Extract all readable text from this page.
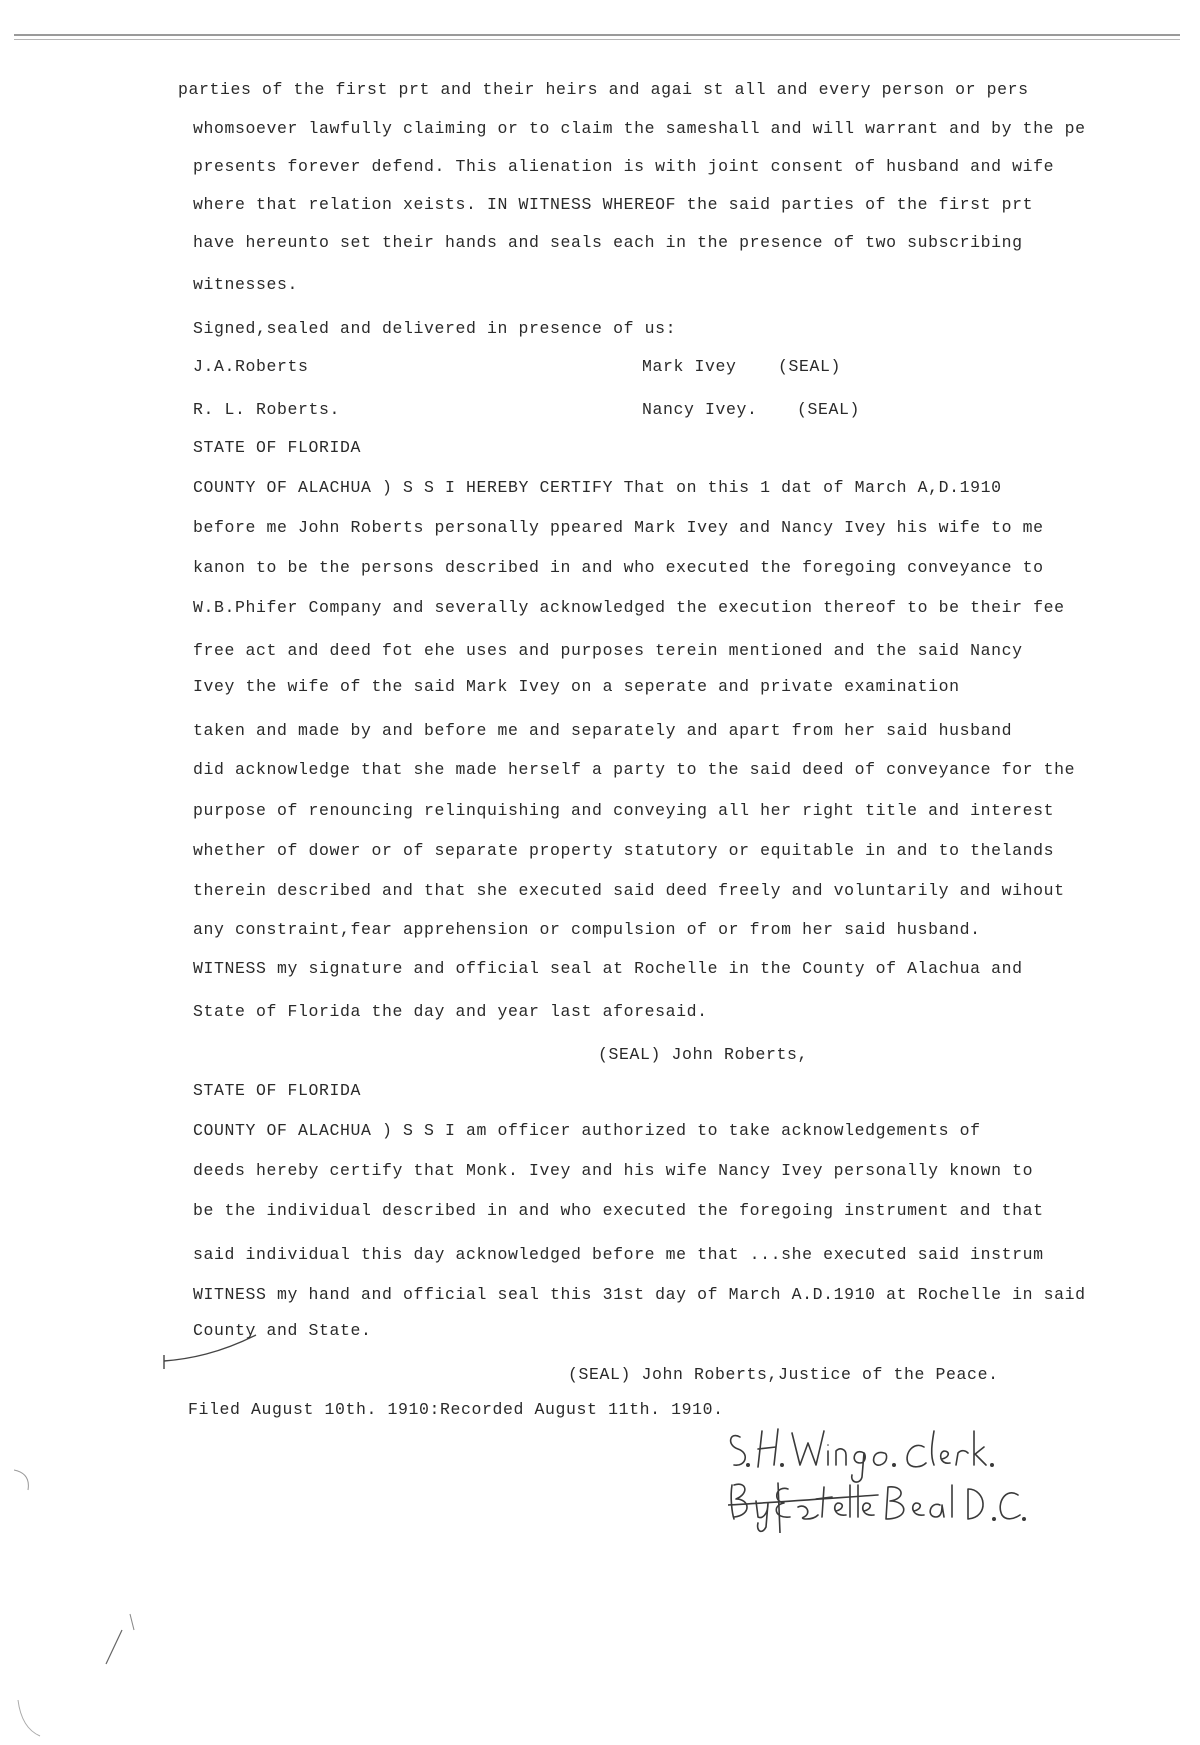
parties of the first prt and their heirs and agai st all and every person or pers
whomsoever lawfully claiming or to claim the sameshall and will warrant and by the pe
presents forever defend. This alienation is with joint consent of husband and wife
where that relation xeists. IN WITNESS WHEREOF the said parties of the first prt
have hereunto set their hands and seals each in the presence of two subscribing
witnesses.
Signed,sealed and delivered in presence of us:
J.A.Roberts	Mark Ivey	(SEAL)
R. L. Roberts.	Nancy Ivey. (SEAL)
STATE OF FLORIDA
COUNTY OF ALACHUA ) S S I HEREBY CERTIFY That on this 1 dat of March A,D.1910
before me John Roberts personally ppeared Mark Ivey and Nancy Ivey his wife to me
kanon to be the persons described in and who executed the foregoing conveyance to
W.B.Phifer Company and severally acknowledged the execution thereof to be their fee
free act and deed fot ehe uses and purposes terein mentioned and the said Nancy
Ivey the wife of the said Mark Ivey on a seperate and private examination
taken and made by and before me and separately and apart from her said husband
did acknowledge that she made herself a party to the said deed of conveyance for the
purpose of renouncing relinquishing and conveying all her right title and interest
whether of dower or of separate property statutory or equitable in and to thelands
therein described and that she executed said deed freely and voluntarily and wihout
any constraint,fear apprehension or compulsion of or from her said husband.
WITNESS my signature and official seal at Rochelle in the County of Alachua and
State of Florida the day and year last aforesaid.
(SEAL) John Roberts,
STATE OF FLORIDA
COUNTY OF ALACHUA ) S S I am officer authorized to take acknowledgements of
deeds hereby certify that Monk. Ivey and his wife Nancy Ivey personally known to
be the individual described in and who executed the foregoing instrument and that
said individual this day acknowledged before me that ...she executed said instrum
WITNESS my hand and official seal this 31st day of March A.D.1910 at Rochelle in said
County and State.
(SEAL) John Roberts,Justice of the Peace.
Filed August 10th. 1910:Recorded August 11th. 1910.
